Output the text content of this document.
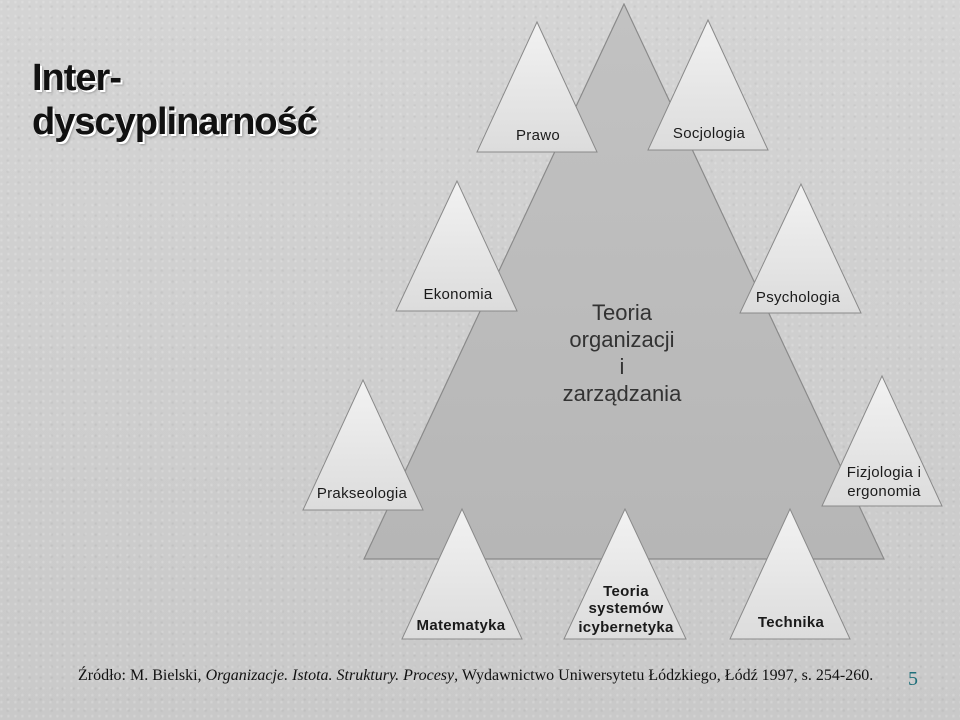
Inter-
dyscyplinarność
Teoria
organizacji
i
zarządzania
Prawo	Socjologia
Ekonomia	Psychologia
Prakseologia
Fizjologia i
ergonomia
Matematyka
Teoria
systemów
icybernetyka	Technika
Źródło: M. Bielski, Organizacje. Istota. Struktury. Procesy, Wydawnictwo Uniwersytetu Łódzkiego, Łódź 1997, s. 254-260. 5
